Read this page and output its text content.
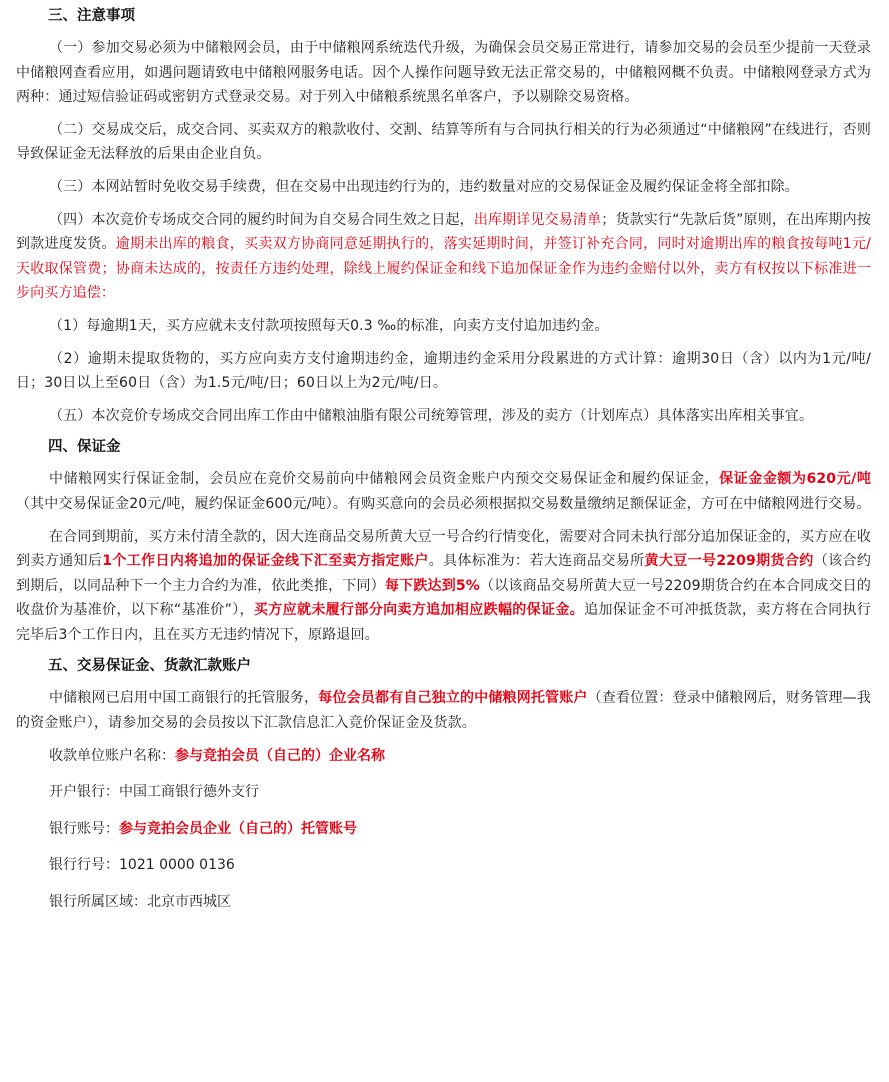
三、注意事项

（一）参加交易必须为中储粮网会员，由于中储粮网系统迭代升级，为确保会员交易正常进行，请参加交易的会员至少提前一天登录中储粮网查看应用，如遇问题请致电中储粮网服务电话。因个人操作问题导致无法正常交易的，中储粮网概不负责。中储粮网登录方式为两种：通过短信验证码或密钥方式登录交易。对于列入中储粮系统黑名单客户，予以剔除交易资格。

（二）交易成交后，成交合同、买卖双方的粮款收付、交割、结算等所有与合同执行相关的行为必须通过“中储粮网”在线进行，否则导致保证金无法释放的后果由企业自负。

（三）本网站暂时免收交易手续费，但在交易中出现违约行为的，违约数量对应的交易保证金及履约保证金将全部扣除。

（四）本次竞价专场成交合同的履约时间为自交易合同生效之日起，出库期详见交易清单；货款实行“先款后货”原则，在出库期内按到款进度发货。逾期未出库的粮食，买卖双方协商同意延期执行的，落实延期时间，并签订补充合同，同时对逾期出库的粮食按每吨1元/天收取保管费；协商未达成的，按责任方违约处理，除线上履约保证金和线下追加保证金作为违约金赔付以外，卖方有权按以下标准进一步向买方追偿：

（1）每逾期1天，买方应就未支付款项按照每天0.3 ‰的标准，向卖方支付追加违约金。

（2）逾期未提取货物的，买方应向卖方支付逾期违约金，逾期违约金采用分段累进的方式计算：逾期30日（含）以内为1元/吨/日；30日以上至60日（含）为1.5元/吨/日；60日以上为2元/吨/日。

（五）本次竞价专场成交合同出库工作由中储粮油脂有限公司统筹管理，涉及的卖方（计划库点）具体落实出库相关事宜。

四、保证金

中储粮网实行保证金制，会员应在竞价交易前向中储粮网会员资金账户内预交交易保证金和履约保证金，保证金金额为620元/吨（其中交易保证金20元/吨，履约保证金600元/吨）。有购买意向的会员必须根据拟交易数量缴纳足额保证金，方可在中储粮网进行交易。

在合同到期前，买方未付清全款的，因大连商品交易所黄大豆一号合约行情变化，需要对合同未执行部分追加保证金的，买方应在收到卖方通知后1个工作日内将追加的保证金线下汇至卖方指定账户。具体标准为：若大连商品交易所黄大豆一号2209期货合约（该合约到期后，以同品种下一个主力合约为准，依此类推，下同）每下跌达到5%（以该商品交易所黄大豆一号2209期货合约在本合同成交日的收盘价为基准价，以下称“基准价”），买方应就未履行部分向卖方追加相应跌幅的保证金。追加保证金不可冲抵货款，卖方将在合同执行完毕后3个工作日内，且在买方无违约情况下，原路退回。

五、交易保证金、货款汇款账户

中储粮网已启用中国工商银行的托管服务，每位会员都有自己独立的中储粮网托管账户（查看位置：登录中储粮网后，财务管理—我的资金账户），请参加交易的会员按以下汇款信息汇入竞价保证金及货款。

收款单位账户名称：参与竞拍会员（自己的）企业名称
开户银行：中国工商银行德外支行
银行账号：参与竞拍会员企业（自己的）托管账号
银行行号：1021 0000 0136
银行所属区域：北京市西城区
